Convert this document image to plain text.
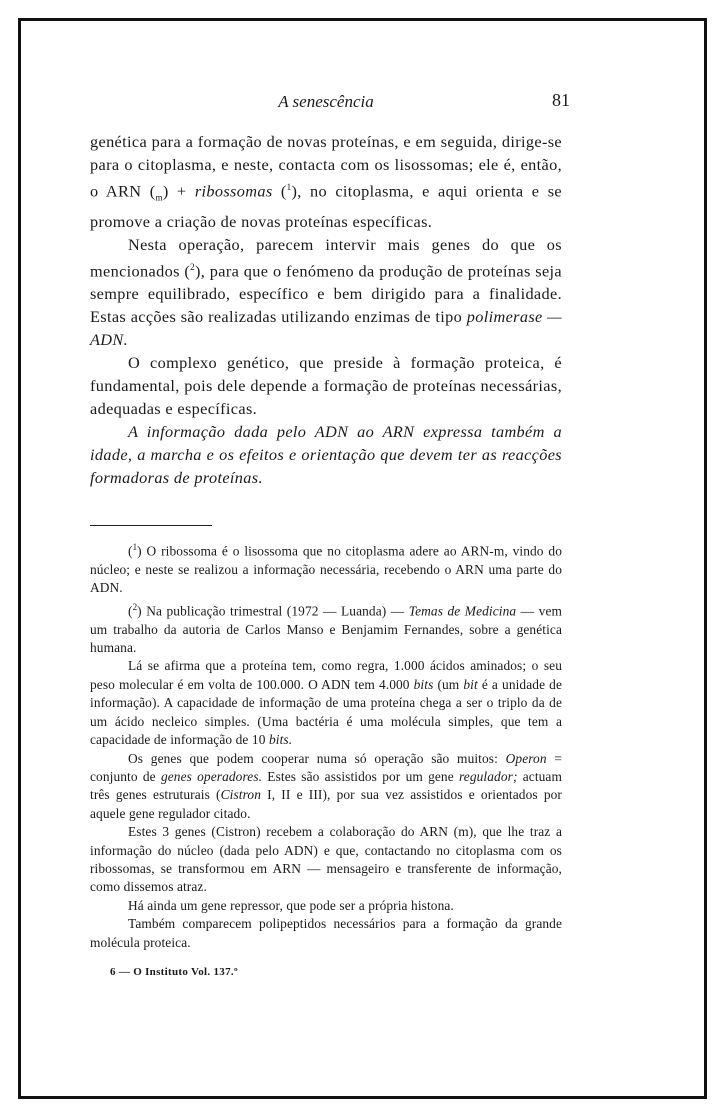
A senescência	81

genética para a formação de novas proteínas, e em seguida, dirige-se para o citoplasma, e neste, contacta com os lisossomas; ele é, então, o ARN $(_m)$ + ribossomas ($^1$), no citoplasma, e aqui orienta e se promove a criação de novas proteínas específicas.

Nesta operação, parecem intervir mais genes do que os mencionados ($^2$), para que o fenómeno da produção de proteínas seja sempre equilibrado, específico e bem dirigido para a finalidade. Estas acções são realizadas utilizando enzimas de tipo polimerase — ADN.

O complexo genético, que preside à formação proteica, é fundamental, pois dele depende a formação de proteínas necessárias, adequadas e específicas.

A informação dada pelo ADN ao ARN expressa também a idade, a marcha e os efeitos e orientação que devem ter as reacções formadoras de proteínas.

($^1$) O ribossoma é o lisossoma que no citoplasma adere ao ARN-m, vindo do núcleo; e neste se realizou a informação necessária, recebendo o ARN uma parte do ADN.

($^2$) Na publicação trimestral (1972 — Luanda) — Temas de Medicina — vem um trabalho da autoria de Carlos Manso e Benjamim Fernandes, sobre a genética humana.

Lá se afirma que a proteína tem, como regra, 1.000 ácidos aminados; o seu peso molecular é em volta de 100.000. O ADN tem 4.000 bits (um bit é a unidade de informação). A capacidade de informação de uma proteína chega a ser o triplo da de um ácido necleico simples. (Uma bactéria é uma molécula simples, que tem a capacidade de informação de 10 bits.

Os genes que podem cooperar numa só operação são muitos: Operon = conjunto de genes operadores. Estes são assistidos por um gene regulador; actuam três genes estruturais (Cistron I, II e III), por sua vez assistidos e orientados por aquele gene regulador citado.

Estes 3 genes (Cistron) recebem a colaboração do ARN (m), que lhe traz a informação do núcleo (dada pelo ADN) e que, contactando no citoplasma com os ribossomas, se transformou em ARN — mensageiro e transferente de informação, como dissemos atraz.

Há ainda um gene repressor, que pode ser a própria histona.

Também comparecem polipeptidos necessários para a formação da grande molécula proteica.

6 — O Instituto Vol. 137.º
